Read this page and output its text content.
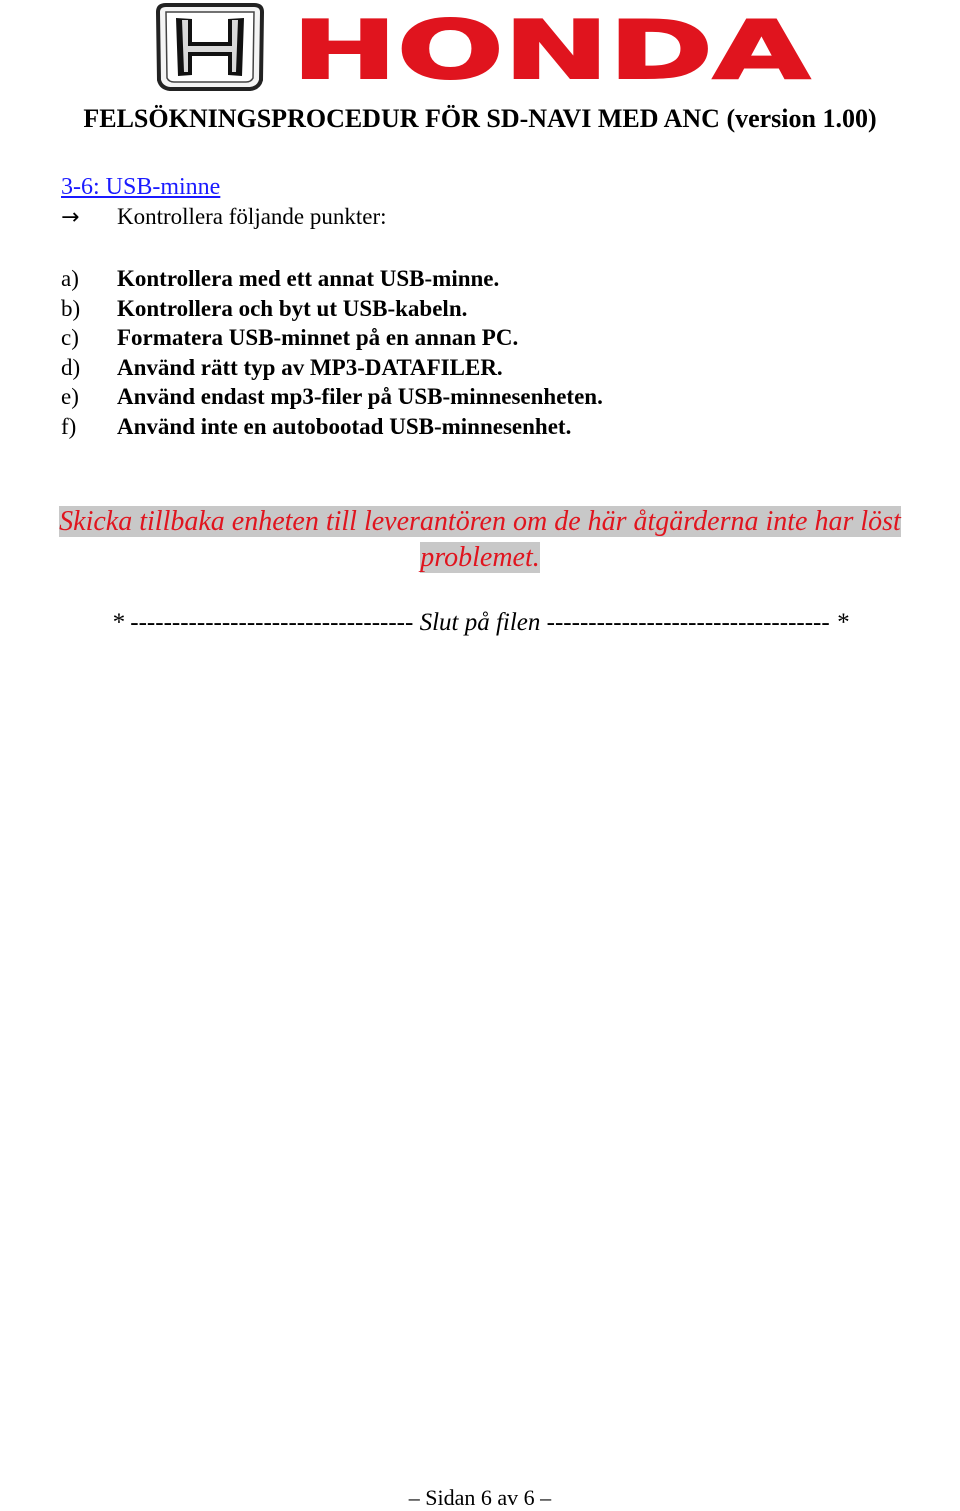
HONDA
FELSÖKNINGSPROCEDUR FÖR SD-NAVI MED ANC (version 1.00)
3-6: USB-minne
→ Kontrollera följande punkter:
a) Kontrollera med ett annat USB-minne.
b) Kontrollera och byt ut USB-kabeln.
c) Formatera USB-minnet på en annan PC.
d) Använd rätt typ av MP3-DATAFILER.
e) Använd endast mp3-filer på USB-minnesenheten.
f) Använd inte en autobootad USB-minnesenhet.
Skicka tillbaka enheten till leverantören om de här åtgärderna inte har löst problemet.
* ---------------------------------- Slut på filen ---------------------------------- *
– Sidan 6 av 6 –
